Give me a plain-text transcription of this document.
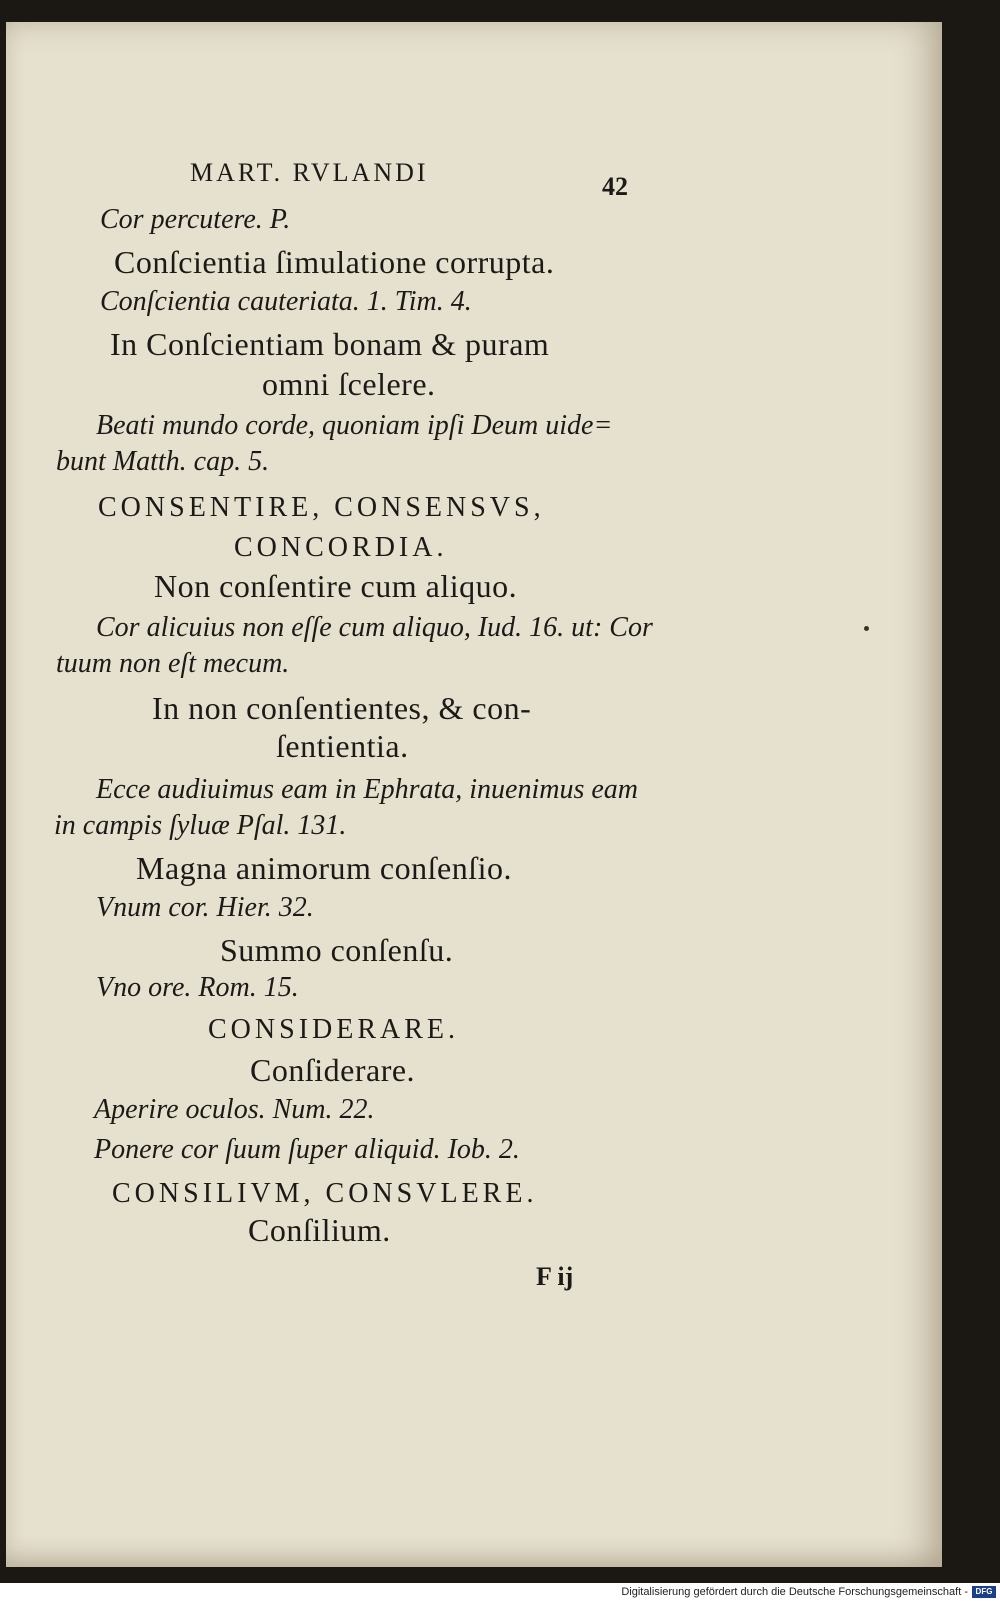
MART. RVLANDI	42
Cor percutere. P.
Conſcientia ſimulatione corrupta.
Conſcientia cauteriata. 1. Tim. 4.
In Conſcientiam bonam & puram
omni ſcelere.
Beati mundo corde, quoniam ipſi Deum uide=
bunt Matth. cap. 5.
CONSENTIRE, CONSENSVS,
CONCORDIA.
Non conſentire cum aliquo.
Cor alicuius non eſſe cum aliquo, Iud. 16. ut: Cor
tuum non eſt mecum.
In non conſentientes, & con-
ſentientia.
Ecce audiuimus eam in Ephrata, inuenimus eam
in campis ſyluæ Pſal. 131.
Magna animorum conſenſio.
Vnum cor. Hier. 32.
Summo conſenſu.
Vno ore. Rom. 15.
CONSIDERARE.
Conſiderare.
Aperire oculos. Num. 22.
Ponere cor ſuum ſuper aliquid. Iob. 2.
CONSILIVM, CONSVLERE.
Conſilium.
F ij
Digitalisierung gefördert durch die Deutsche Forschungsgemeinschaft - DFG
